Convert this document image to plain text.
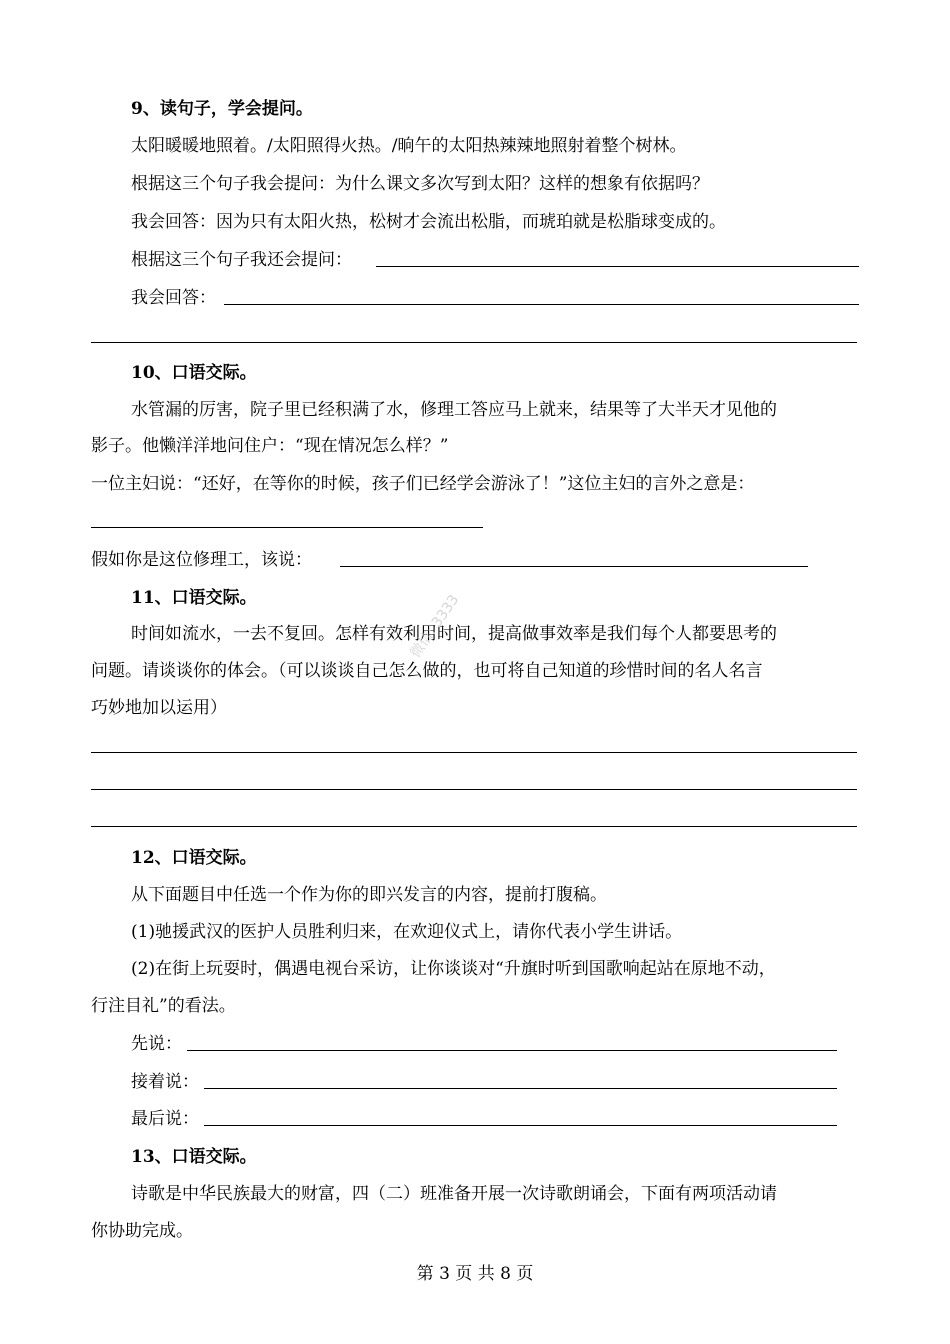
9、读句子，学会提问。
太阳暖暖地照着。/太阳照得火热。/晌午的太阳热辣辣地照射着整个树林。
根据这三个句子我会提问：为什么课文多次写到太阳？这样的想象有依据吗？
我会回答：因为只有太阳火热，松树才会流出松脂，而琥珀就是松脂球变成的。
根据这三个句子我还会提问：
我会回答：
10、口语交际。
水管漏的厉害，院子里已经积满了水，修理工答应马上就来，结果等了大半天才见他的
影子。他懒洋洋地问住户：“现在情况怎么样？”
一位主妇说：“还好，在等你的时候，孩子们已经学会游泳了！”这位主妇的言外之意是：
假如你是这位修理工，该说：
11、口语交际。
时间如流水，一去不复回。怎样有效利用时间，提高做事效率是我们每个人都要思考的
问题。请谈谈你的体会。（可以谈谈自己怎么做的，也可将自己知道的珍惜时间的名人名言
巧妙地加以运用）
12、口语交际。
从下面题目中任选一个作为你的即兴发言的内容，提前打腹稿。
(1)驰援武汉的医护人员胜利归来，在欢迎仪式上，请你代表小学生讲话。
(2)在街上玩耍时，偶遇电视台采访，让你谈谈对“升旗时听到国歌响起站在原地不动，
行注目礼”的看法。
先说：
接着说：
最后说：
13、口语交际。
诗歌是中华民族最大的财富，四（二）班准备开展一次诗歌朗诵会，下面有两项活动请
你协助完成。
微信: 3333
第 3 页 共 8 页
